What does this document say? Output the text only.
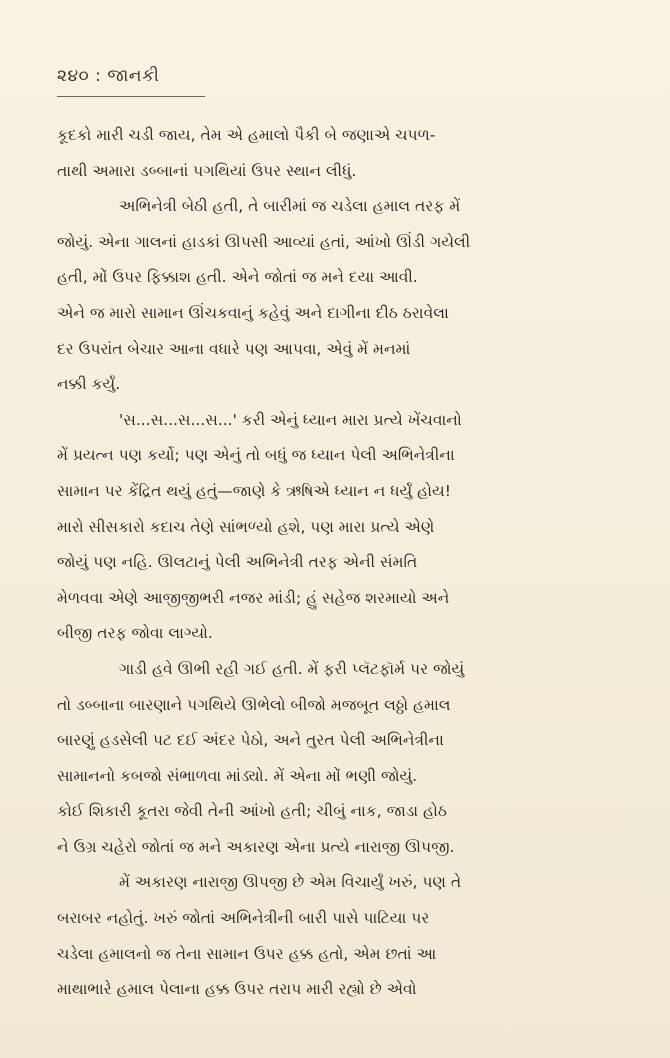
૨૪૦ : જાનકી
કૂદકો મારી ચડી જાય, તેમ એ હમાલો પૈકી બે જણાએ ચપળ-
તાથી અમારા ડબ્બાનાં પગથિયાં ઉપર સ્થાન લીધું.
અભિનેત્રી બેઠી હતી, તે બારીમાં જ ચડેલા હમાલ તરફ મેં
જોયું. એના ગાલનાં હાડકાં ઊપસી આવ્યાં હતાં, આંખો ઊંડી ગયેલી
હતી, મોં ઉપર ફિક્કાશ હતી. એને જોતાં જ મને દયા આવી.
એને જ મારો સામાન ઊંચકવાનું કહેવું અને દાગીના દીઠ ઠરાવેલા
દર ઉપરાંત બેચાર આના વધારે પણ આપવા, એવું મેં મનમાં
નક્કી કર્યું.
'સ...સ...સ...સ...' કરી એનું ધ્યાન મારા પ્રત્યે ખેંચવાનો
મેં પ્રયત્ન પણ કર્યો; પણ એનું તો બધું જ ધ્યાન પેલી અભિનેત્રીના
સામાન પર કેંદ્રિત થયું હતું—જાણે કે ઋષિએ ધ્યાન ન ધર્યું હોય!
મારો સીસકારો કદાચ તેણે સાંભળ્યો હશે, પણ મારા પ્રત્યે એણે
જોયું પણ નહિ. ઊલટાનું પેલી અભિનેત્રી તરફ એની સંમતિ
મેળવવા એણે આજીજીભરી નજર માંડી; હું સહેજ શરમાયો અને
બીજી તરફ જોવા લાગ્યો.
ગાડી હવે ઊભી રહી ગઈ હતી. મેં ફરી પ્લૅટફૉર્મ પર જોયું
તો ડબ્બાના બારણાને પગથિયે ઊભેલો બીજો મજબૂત લઠ્ઠો હમાલ
બારણું હડસેલી પટ દઈ અંદર પેઠો, અને તુરત પેલી અભિનેત્રીના
સામાનનો કબજો સંભાળવા માંડ્યો. મેં એના મોં ભણી જોયું.
કોઈ શિકારી કૂતરા જેવી તેની આંખો હતી; ચીબું નાક, જાડા હોઠ
ને ઉગ્ર ચહેરો જોતાં જ મને અકારણ એના પ્રત્યે નારાજી ઊપજી.
મેં અકારણ નારાજી ઊપજી છે એમ વિચાર્યું ખરું, પણ તે
બરાબર નહોતું. ખરું જોતાં અભિનેત્રીની બારી પાસે પાટિયા પર
ચડેલા હમાલનો જ તેના સામાન ઉપર હક્ક હતો, એમ છતાં આ
માથાભારે હમાલ પેલાના હક્ક ઉપર તરાપ મારી રહ્યો છે એવો
